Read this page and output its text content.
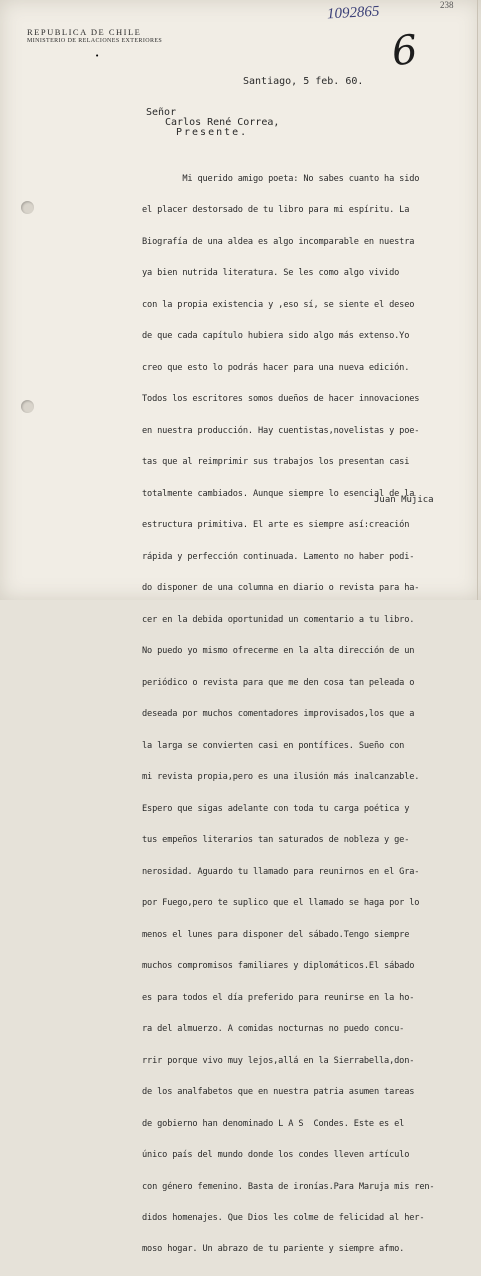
REPUBLICA DE CHILE
MINISTERIO DE RELACIONES EXTERIORES
•
1092865	238
6
Santiago, 5 feb. 60.
Señor
Carlos René Correa,
Presente.

Mi querido amigo poeta: No sabes cuanto ha sido

el placer destorsado de tu libro para mi espíritu. La

Biografía de una aldea es algo incomparable en nuestra

ya bien nutrida literatura. Se les como algo vivido

con la propia existencia y ,eso sí, se siente el deseo

de que cada capítulo hubiera sido algo más extenso.Yo

creo que esto lo podrás hacer para una nueva edición.

Todos los escritores somos dueños de hacer innovaciones

en nuestra producción. Hay cuentistas,novelistas y poe-

tas que al reimprimir sus trabajos los presentan casi

totalmente cambiados. Aunque siempre lo esencial de la

estructura primitiva. El arte es siempre así:creación

rápida y perfección continuada. Lamento no haber podi-

do disponer de una columna en diario o revista para ha-

cer en la debida oportunidad un comentario a tu libro.

No puedo yo mismo ofrecerme en la alta dirección de un

periódico o revista para que me den cosa tan peleada o

deseada por muchos comentadores improvisados,los que a

la larga se convierten casi en pontífices. Sueño con

mi revista propia,pero es una ilusión más inalcanzable.

Espero que sigas adelante con toda tu carga poética y

tus empeños literarios tan saturados de nobleza y ge-

nerosidad. Aguardo tu llamado para reunirnos en el Gra-

por Fuego,pero te suplico que el llamado se haga por lo

menos el lunes para disponer del sábado.Tengo siempre

muchos compromisos familiares y diplomáticos.El sábado

es para todos el día preferido para reunirse en la ho-

ra del almuerzo. A comidas nocturnas no puedo concu-

rrir porque vivo muy lejos,allá en la Sierrabella,don-

de los analfabetos que en nuestra patria asumen tareas

de gobierno han denominado L A S  Condes. Este es el

único país del mundo donde los condes lleven artículo

con género femenino. Basta de ironías.Para Maruja mis ren-

didos homenajes. Que Dios les colme de felicidad al her-

moso hogar. Un abrazo de tu pariente y siempre afmo.

Juan Mujica
